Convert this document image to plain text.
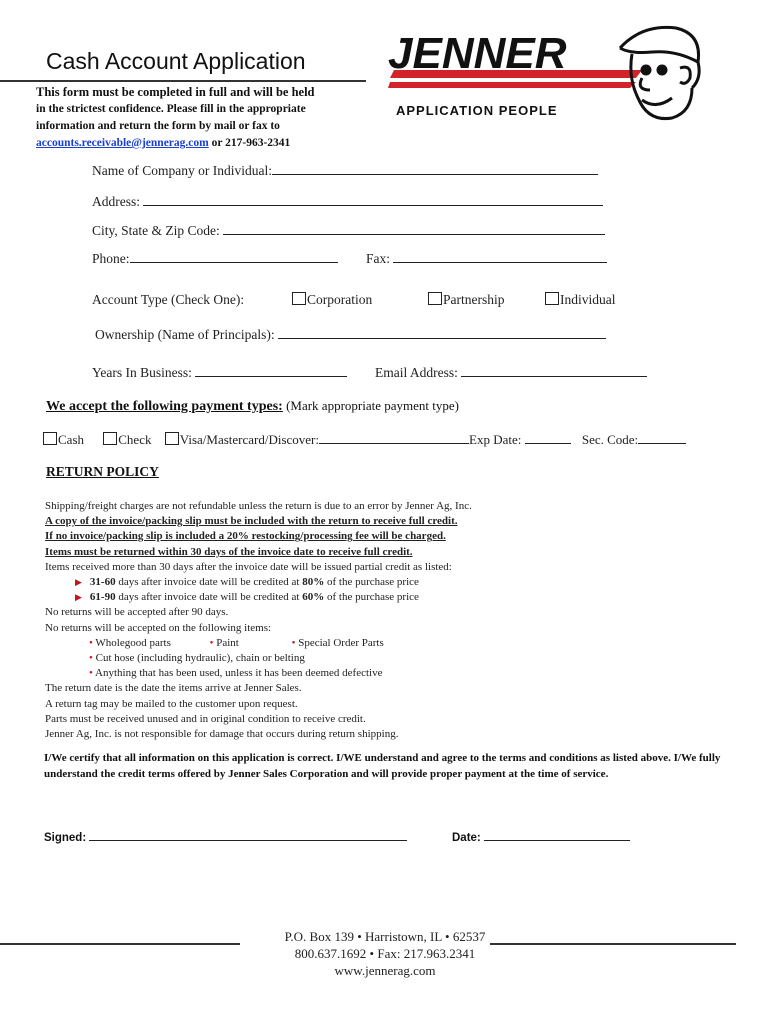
Cash Account Application
This form must be completed in full and will be held
in the strictest confidence. Please fill in the appropriate
information and return the form by mail or fax to
accounts.receivable@jennerag.com or 217-963-2341
JENNER
APPLICATION PEOPLE
Name of Company or Individual:
Address:
City, State & Zip Code:
Phone:	Fax:
Account Type (Check One):	Corporation	Partnership	Individual
Ownership (Name of Principals):
Years In Business:	Email Address:
We accept the following payment types: (Mark appropriate payment type)
Cash	Check Visa/Mastercard/Discover:	Exp Date:	Sec. Code:
RETURN POLICY
Shipping/freight charges are not refundable unless the return is due to an error by Jenner Ag, Inc.
A copy of the invoice/packing slip must be included with the return to receive full credit.
If no invoice/packing slip is included a 20% restocking/processing fee will be charged.
Items must be returned within 30 days of the invoice date to receive full credit.
Items received more than 30 days after the invoice date will be issued partial credit as listed:
▶ 31-60 days after invoice date will be credited at 80% of the purchase price
▶ 61-90 days after invoice date will be credited at 60% of the purchase price
No returns will be accepted after 90 days.
No returns will be accepted on the following items:
• Wholegood parts	• Paint	• Special Order Parts
• Cut hose (including hydraulic), chain or belting
• Anything that has been used, unless it has been deemed defective
The return date is the date the items arrive at Jenner Sales.
A return tag may be mailed to the customer upon request.
Parts must be received unused and in original condition to receive credit.
Jenner Ag, Inc. is not responsible for damage that occurs during return shipping.
I/We certify that all information on this application is correct. I/WE understand and agree to the terms and conditions as listed above. I/We fully understand the credit terms offered by Jenner Sales Corporation and will provide proper payment at the time of service.
Signed:	Date:
P.O. Box 139 • Harristown, IL • 62537
800.637.1692 • Fax: 217.963.2341
www.jennerag.com
